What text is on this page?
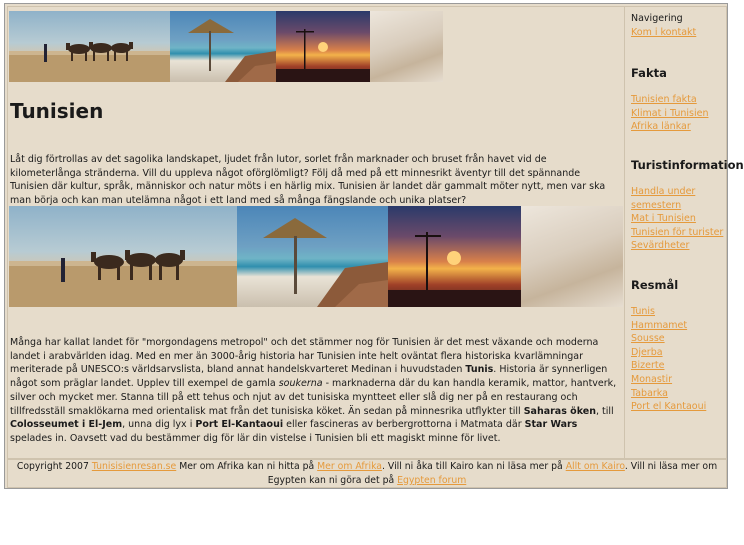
Tunisien

Låt dig förtrollas av det sagolika landskapet, ljudet från lutor, sorlet från marknader och bruset från havet vid de kilometerlånga stränderna. Vill du uppleva något oförglömligt? Följ då med på ett minnesrikt äventyr till det spännande Tunisien där kultur, språk, människor och natur möts i en härlig mix. Tunisien är landet där gammalt möter nytt, men var ska man börja och kan man utelämna något i ett land med så många fängslande och unika platser?

Många har kallat landet för "morgondagens metropol" och det stämmer nog för Tunisien är det mest växande och moderna landet i arabvärlden idag. Med en mer än 3000-årig historia har Tunisien inte helt oväntat flera historiska kvarlämningar meriterade på UNESCO:s världsarvslista, bland annat handelskvarteret Medinan i huvudstaden Tunis. Historia är synnerligen något som präglar landet. Upplev till exempel de gamla soukerna - marknaderna där du kan handla keramik, mattor, hantverk, silver och mycket mer. Stanna till på ett tehus och njut av det tunisiska myntteet eller slå dig ner på en restaurang och tillfredsställ smaklökarna med orientalisk mat från det tunisiska köket. Än sedan på minnesrika utflykter till Saharas öken, till Colosseumet i El-Jem, unna dig lyx i Port El-Kantaoui eller fascineras av berbergrottorna i Matmata där Star Wars spelades in. Oavsett vad du bestämmer dig för lär din vistelse i Tunisien bli ett magiskt minne för livet.

Navigering
Kom i kontakt
Fakta
Tunisien fakta
Klimat i Tunisien
Afrika länkar
Turistinformation
Handla under semestern
Mat i Tunisien
Tunisien för turister
Sevärdheter
Resmål
Tunis
Hammamet
Sousse
Djerba
Bizerte
Monastir
Tabarka
Port el Kantaoui
Copyright 2007 Tunisisienresan.se Mer om Afrika kan ni hitta på Mer om Afrika. Vill ni åka till Kairo kan ni läsa mer på Allt om Kairo. Vill ni läsa mer om Egypten kan ni göra det på Egypten forum
